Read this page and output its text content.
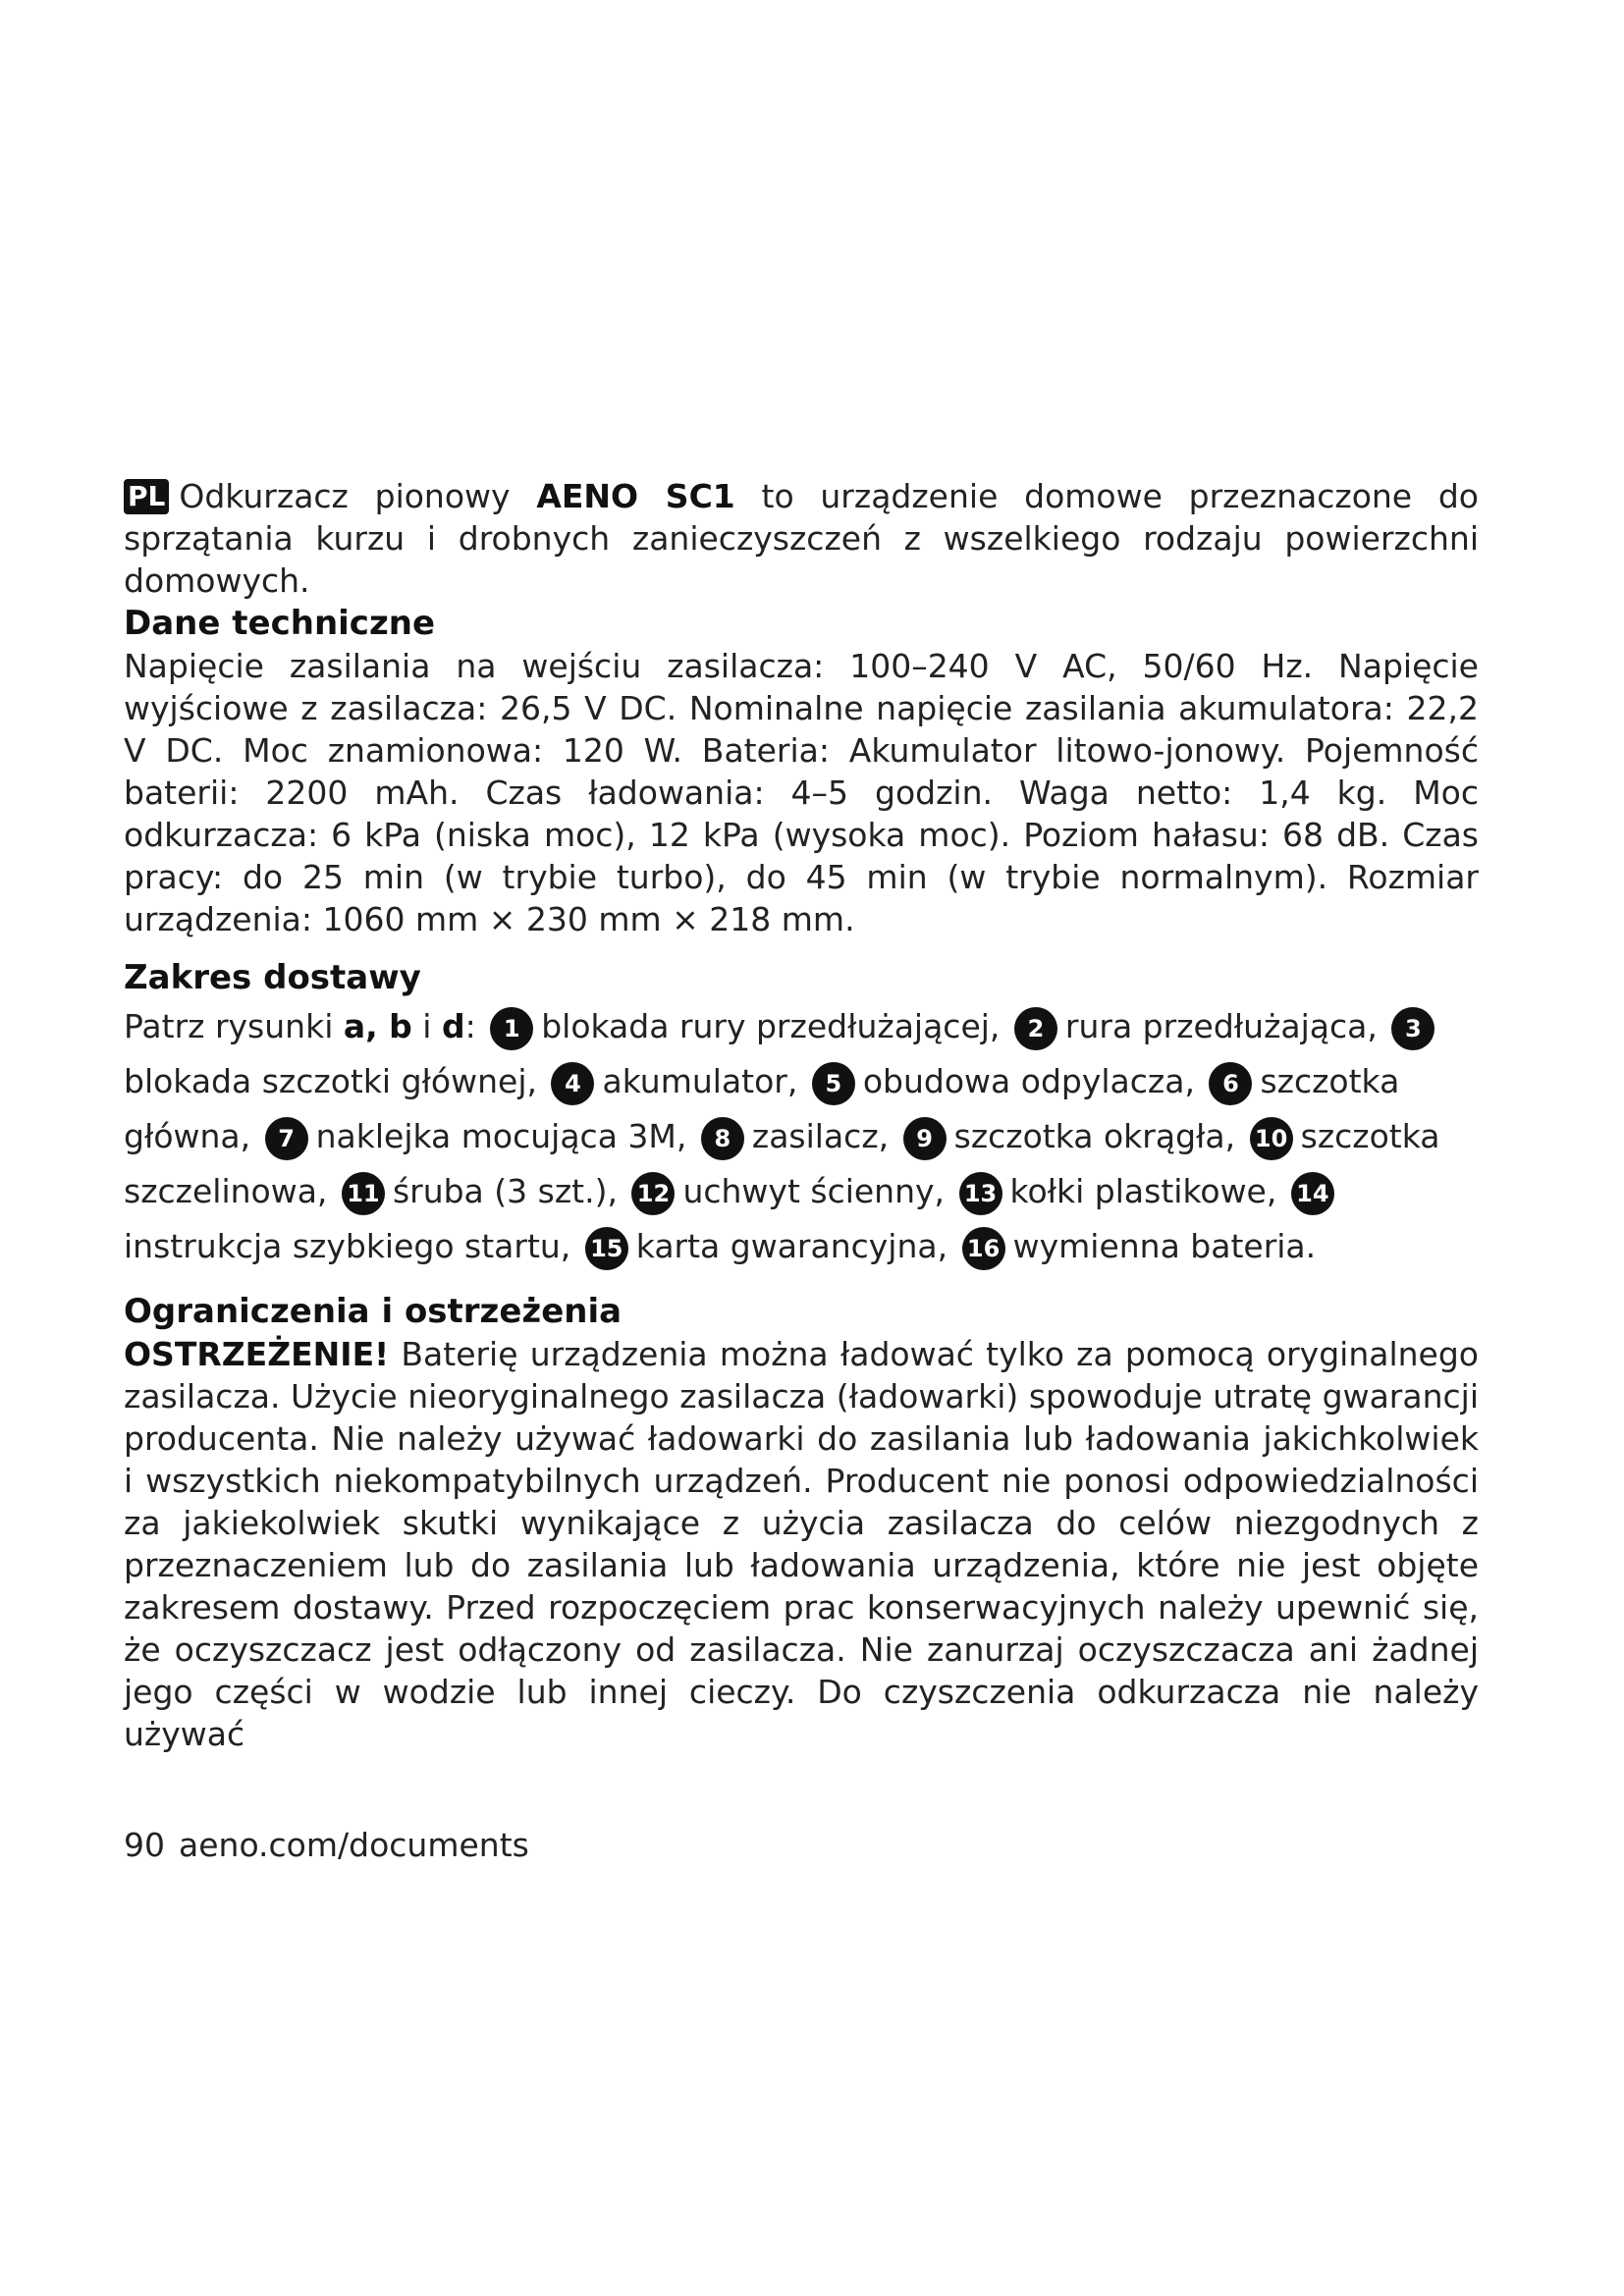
PL Odkurzacz pionowy AENO SC1 to urządzenie domowe przeznaczone do sprzątania kurzu i drobnych zanieczyszczeń z wszelkiego rodzaju powierzchni domowych.

Dane techniczne

Napięcie zasilania na wejściu zasilacza: 100–240 V AC, 50/60 Hz. Napięcie wyjściowe z zasilacza: 26,5 V DC. Nominalne napięcie zasilania akumulatora: 22,2 V DC. Moc znamionowa: 120 W. Bateria: Akumulator litowo-jonowy. Pojemność baterii: 2200 mAh. Czas ładowania: 4–5 godzin. Waga netto: 1,4 kg. Moc odkurzacza: 6 kPa (niska moc), 12 kPa (wysoka moc). Poziom hałasu: 68 dB. Czas pracy: do 25 min (w trybie turbo), do 45 min (w trybie normalnym). Rozmiar urządzenia: 1060 mm × 230 mm × 218 mm.

Zakres dostawy

Patrz rysunki a, b i d: 1 blokada rury przedłużającej, 2 rura przedłużająca, 3blokada szczotki głównej, 4 akumulator, 5 obudowa odpylacza, 6 szczotka główna, 7 naklejka mocująca 3M, 8 zasilacz, 9 szczotka okrągła, 10 szczotka szczelinowa, 11 śruba (3 szt.), 12 uchwyt ścienny, 13 kołki plastikowe, 14instrukcja szybkiego startu, 15 karta gwarancyjna, 16 wymienna bateria.

Ograniczenia i ostrzeżenia

OSTRZEŻENIE! Baterię urządzenia można ładować tylko za pomocą oryginalnego zasilacza. Użycie nieoryginalnego zasilacza (ładowarki) spowoduje utratę gwarancji producenta. Nie należy używać ładowarki do zasilania lub ładowania jakichkolwiek i wszystkich niekompatybilnych urządzeń. Producent nie ponosi odpowiedzialności za jakiekolwiek skutki wynikające z użycia zasilacza do celów niezgodnych z przeznaczeniem lub do zasilania lub ładowania urządzenia, które nie jest objęte zakresem dostawy. Przed rozpoczęciem prac konserwacyjnych należy upewnić się, że oczyszczacz jest odłączony od zasilacza. Nie zanurzaj oczyszczacza ani żadnej jego części w wodzie lub innej cieczy. Do czyszczenia odkurzacza nie należy używać

90 aeno.com/documents
